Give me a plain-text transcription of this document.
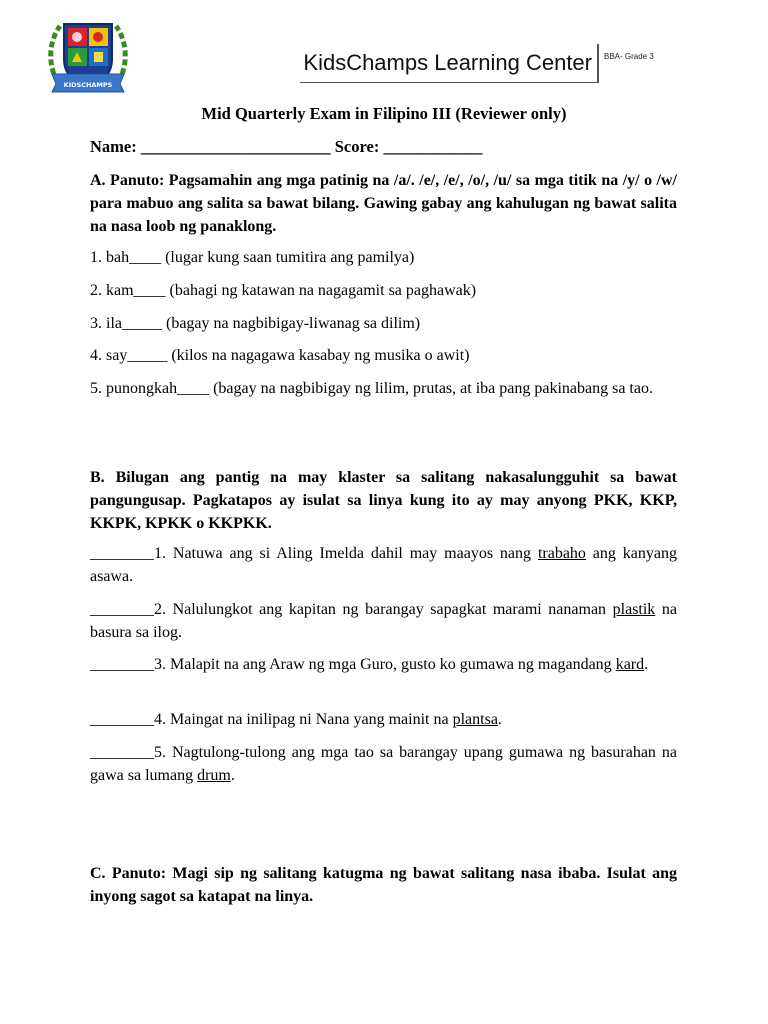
KIDSCHAMPS
KidsChamps Learning Center BBA- Grade 3
Mid Quarterly Exam in Filipino III (Reviewer only)
Name: _______________________ Score: ____________
A. Panuto: Pagsamahin ang mga patinig na /a/. /e/, /e/, /o/, /u/ sa mga titik na /y/ o /w/ para mabuo ang salita sa bawat bilang. Gawing gabay ang kahulugan ng bawat salita na nasa loob ng panaklong.
1. bah____ (lugar kung saan tumitira ang pamilya)
2. kam____ (bahagi ng katawan na nagagamit sa paghawak)
3. ila_____ (bagay na nagbibigay-liwanag sa dilim)
4. say_____ (kilos na nagagawa kasabay ng musika o awit)
5. punongkah____ (bagay na nagbibigay ng lilim, prutas, at iba pang pakinabang sa tao.
B. Bilugan ang pantig na may klaster sa salitang nakasalungguhit sa bawat pangungusap. Pagkatapos ay isulat sa linya kung ito ay may anyong PKK, KKP, KKPK, KPKK o KKPKK.
________1. Natuwa ang si Aling Imelda dahil may maayos nang trabaho ang kanyang asawa.
________2. Nalulungkot ang kapitan ng barangay sapagkat marami nanaman plastik na basura sa ilog.
________3. Malapit na ang Araw ng mga Guro, gusto ko gumawa ng magandang kard.
________4. Maingat na inilipag ni Nana yang mainit na plantsa.
________5. Nagtulong-tulong ang mga tao sa barangay upang gumawa ng basurahan na gawa sa lumang drum.
C. Panuto: Magi sip ng salitang katugma ng bawat salitang nasa ibaba. Isulat ang inyong sagot sa katapat na linya.
